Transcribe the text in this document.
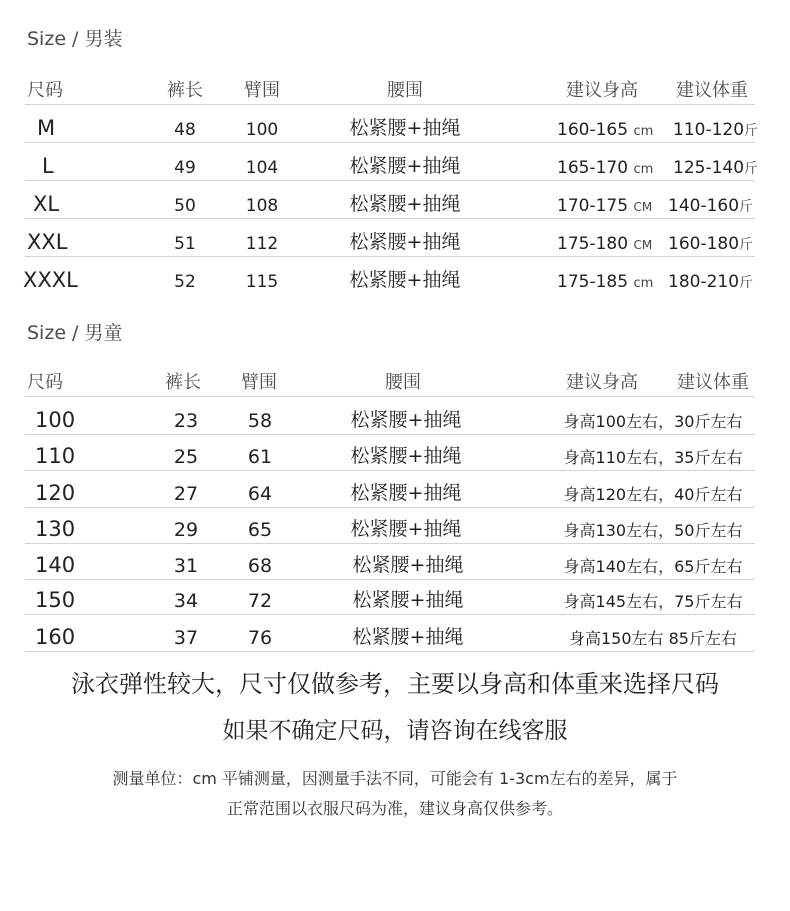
Size / 男装
尺码	裤长 臂围	腰围	建议身高 建议体重
M	48	100	松紧腰+抽绳	160-165 cm 110-120斤
L	49	104	松紧腰+抽绳	165-170 cm 125-140斤
XL	50	108	松紧腰+抽绳	170-175 CM 140-160斤
XXL	51	112	松紧腰+抽绳	175-180 CM 160-180斤
XXXL	52	115	松紧腰+抽绳	175-185 cm 180-210斤
Size / 男童
尺码	裤长 臂围	腰围	建议身高 建议体重
100	23	58	松紧腰+抽绳	身高100左右，30斤左右
110	25	61	松紧腰+抽绳	身高110左右，35斤左右
120	27	64	松紧腰+抽绳	身高120左右，40斤左右
130	29	65	松紧腰+抽绳	身高130左右，50斤左右
140	31	68	松紧腰+抽绳	身高140左右，65斤左右
150	34	72	松紧腰+抽绳	身高145左右，75斤左右
160	37	76	松紧腰+抽绳	身高150左右 85斤左右
泳衣弹性较大，尺寸仅做参考，主要以身高和体重来选择尺码
如果不确定尺码，请咨询在线客服
测量单位：cm 平铺测量，因测量手法不同，可能会有 1-3cm左右的差异，属于
正常范围以衣服尺码为准，建议身高仅供参考。
